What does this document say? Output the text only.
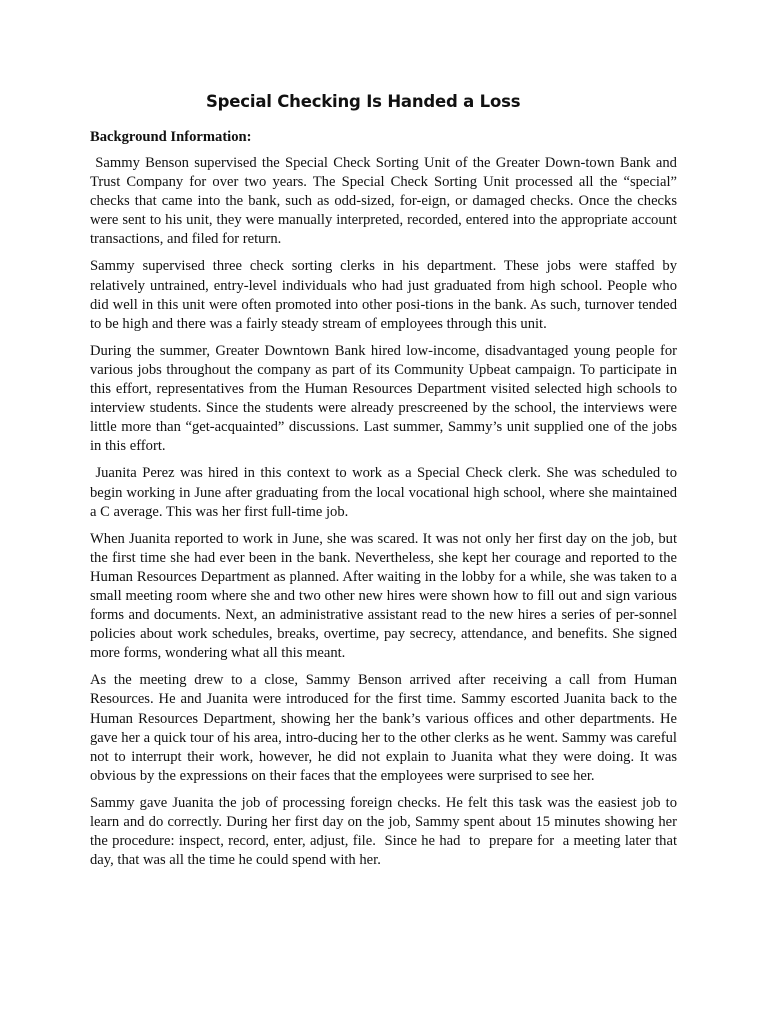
Special Checking Is Handed a Loss
Background Information:

Sammy Benson supervised the Special Check Sorting Unit of the Greater Down-town Bank and Trust Company for over two years. The Special Check Sorting Unit processed all the “special” checks that came into the bank, such as odd-sized, for-eign, or damaged checks. Once the checks were sent to his unit, they were manually interpreted, recorded, entered into the appropriate account transactions, and filed for return.

Sammy supervised three check sorting clerks in his department. These jobs were staffed by relatively untrained, entry-level individuals who had just graduated from high school. People who did well in this unit were often promoted into other posi-tions in the bank. As such, turnover tended to be high and there was a fairly steady stream of employees through this unit.

During the summer, Greater Downtown Bank hired low-income, disadvantaged young people for various jobs throughout the company as part of its Community Upbeat campaign. To participate in this effort, representatives from the Human Resources Department visited selected high schools to interview students. Since the students were already prescreened by the school, the interviews were little more than “get-acquainted” discussions. Last summer, Sammy’s unit supplied one of the jobs in this effort.

Juanita Perez was hired in this context to work as a Special Check clerk. She was scheduled to begin working in June after graduating from the local vocational high school, where she maintained a C average. This was her first full-time job.

When Juanita reported to work in June, she was scared. It was not only her first day on the job, but the first time she had ever been in the bank. Nevertheless, she kept her courage and reported to the Human Resources Department as planned. After waiting in the lobby for a while, she was taken to a small meeting room where she and two other new hires were shown how to fill out and sign various forms and documents. Next, an administrative assistant read to the new hires a series of per-sonnel policies about work schedules, breaks, overtime, pay secrecy, attendance, and benefits. She signed more forms, wondering what all this meant.

As the meeting drew to a close, Sammy Benson arrived after receiving a call from Human Resources. He and Juanita were introduced for the first time. Sammy escorted Juanita back to the Human Resources Department, showing her the bank’s various offices and other departments. He gave her a quick tour of his area, intro-ducing her to the other clerks as he went. Sammy was careful not to interrupt their work, however, he did not explain to Juanita what they were doing. It was obvious by the expressions on their faces that the employees were surprised to see her.

Sammy gave Juanita the job of processing foreign checks. He felt this task was the easiest job to learn and do correctly. During her first day on the job, Sammy spent about 15 minutes showing her  the procedure: inspect, record, enter, adjust, file.  Since he had  to  prepare for  a meeting later that day, that was all the time he could spend with her.
